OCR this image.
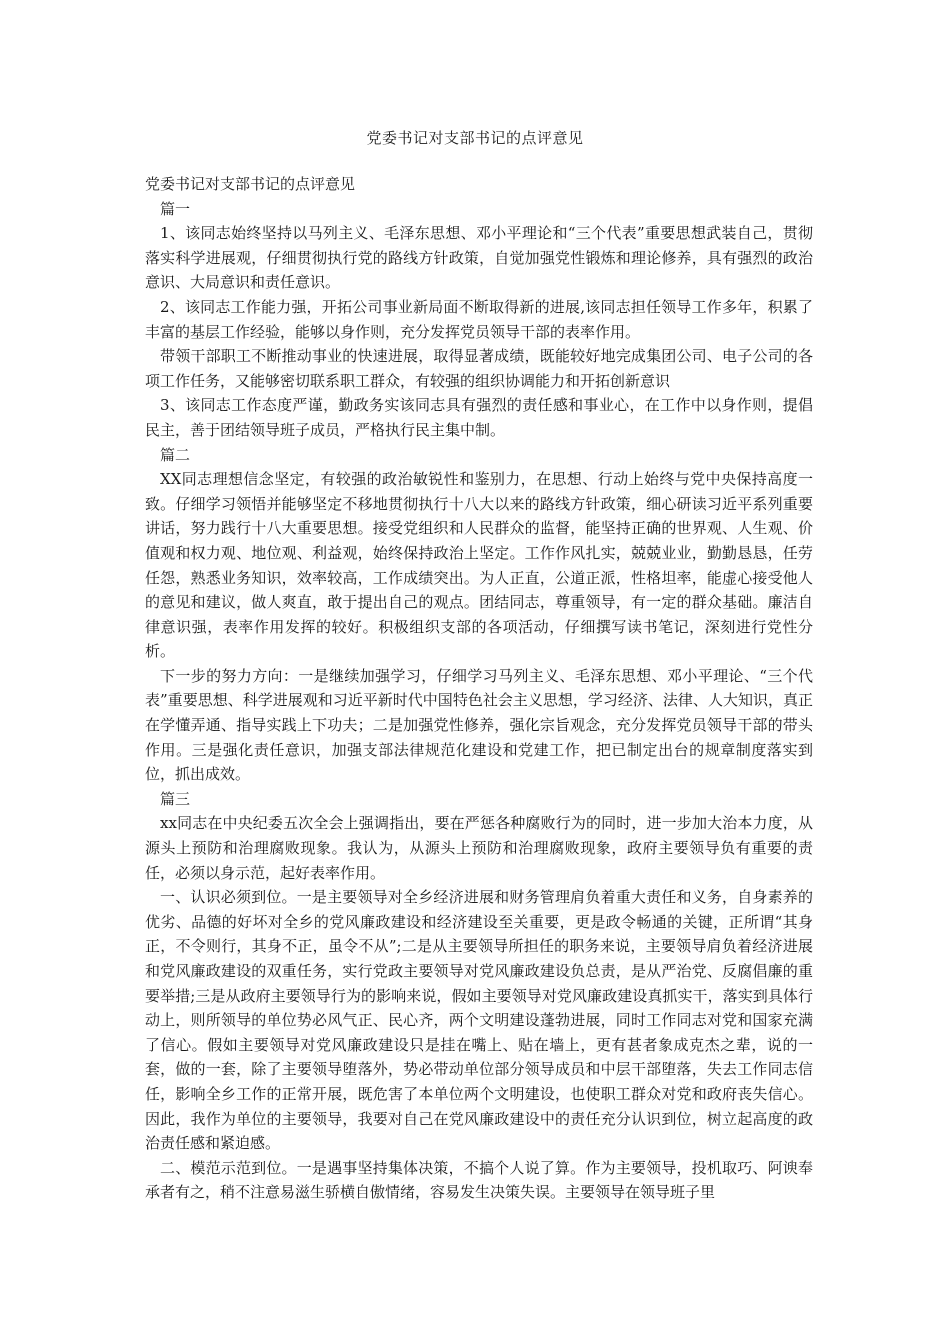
党委书记对支部书记的点评意见

党委书记对支部书记的点评意见

篇一

1、该同志始终坚持以马列主义、毛泽东思想、邓小平理论和“三个代表”重要思想武装自己，贯彻落实科学进展观，仔细贯彻执行党的路线方针政策，自觉加强党性锻炼和理论修养，具有强烈的政治意识、大局意识和责任意识。

2、该同志工作能力强，开拓公司事业新局面不断取得新的进展,该同志担任领导工作多年，积累了丰富的基层工作经验，能够以身作则，充分发挥党员领导干部的表率作用。

带领干部职工不断推动事业的快速进展，取得显著成绩，既能较好地完成集团公司、电子公司的各项工作任务，又能够密切联系职工群众，有较强的组织协调能力和开拓创新意识

3、该同志工作态度严谨，勤政务实该同志具有强烈的责任感和事业心，在工作中以身作则，提倡民主，善于团结领导班子成员，严格执行民主集中制。

篇二

XX同志理想信念坚定，有较强的政治敏锐性和鉴别力，在思想、行动上始终与党中央保持高度一致。仔细学习领悟并能够坚定不移地贯彻执行十八大以来的路线方针政策，细心研读习近平系列重要讲话，努力践行十八大重要思想。接受党组织和人民群众的监督，能坚持正确的世界观、人生观、价值观和权力观、地位观、利益观，始终保持政治上坚定。工作作风扎实，兢兢业业，勤勤恳恳，任劳任怨，熟悉业务知识，效率较高，工作成绩突出。为人正直，公道正派，性格坦率，能虚心接受他人的意见和建议，做人爽直，敢于提出自己的观点。团结同志，尊重领导，有一定的群众基础。廉洁自律意识强，表率作用发挥的较好。积极组织支部的各项活动，仔细撰写读书笔记，深刻进行党性分析。

下一步的努力方向：一是继续加强学习，仔细学习马列主义、毛泽东思想、邓小平理论、“三个代表”重要思想、科学进展观和习近平新时代中国特色社会主义思想，学习经济、法律、人大知识，真正在学懂弄通、指导实践上下功夫；二是加强党性修养，强化宗旨观念，充分发挥党员领导干部的带头作用。三是强化责任意识，加强支部法律规范化建设和党建工作，把已制定出台的规章制度落实到位，抓出成效。

篇三

xx同志在中央纪委五次全会上强调指出，要在严惩各种腐败行为的同时，进一步加大治本力度，从源头上预防和治理腐败现象。我认为，从源头上预防和治理腐败现象，政府主要领导负有重要的责任，必须以身示范，起好表率作用。

一、认识必须到位。一是主要领导对全乡经济进展和财务管理肩负着重大责任和义务，自身素养的优劣、品德的好坏对全乡的党风廉政建设和经济建设至关重要，更是政令畅通的关键，正所谓“其身正，不令则行，其身不正，虽令不从”;二是从主要领导所担任的职务来说，主要领导肩负着经济进展和党风廉政建设的双重任务，实行党政主要领导对党风廉政建设负总责，是从严治党、反腐倡廉的重要举措;三是从政府主要领导行为的影响来说，假如主要领导对党风廉政建设真抓实干，落实到具体行动上，则所领导的单位势必风气正、民心齐，两个文明建设蓬勃进展，同时工作同志对党和国家充满了信心。假如主要领导对党风廉政建设只是挂在嘴上、贴在墙上，更有甚者象成克杰之辈，说的一套，做的一套，除了主要领导堕落外，势必带动单位部分领导成员和中层干部堕落，失去工作同志信任，影响全乡工作的正常开展，既危害了本单位两个文明建设，也使职工群众对党和政府丧失信心。因此，我作为单位的主要领导，我要对自己在党风廉政建设中的责任充分认识到位，树立起高度的政治责任感和紧迫感。

二、模范示范到位。一是遇事坚持集体决策，不搞个人说了算。作为主要领导，投机取巧、阿谀奉承者有之，稍不注意易滋生骄横自傲情绪，容易发生决策失误。主要领导在领导班子里
